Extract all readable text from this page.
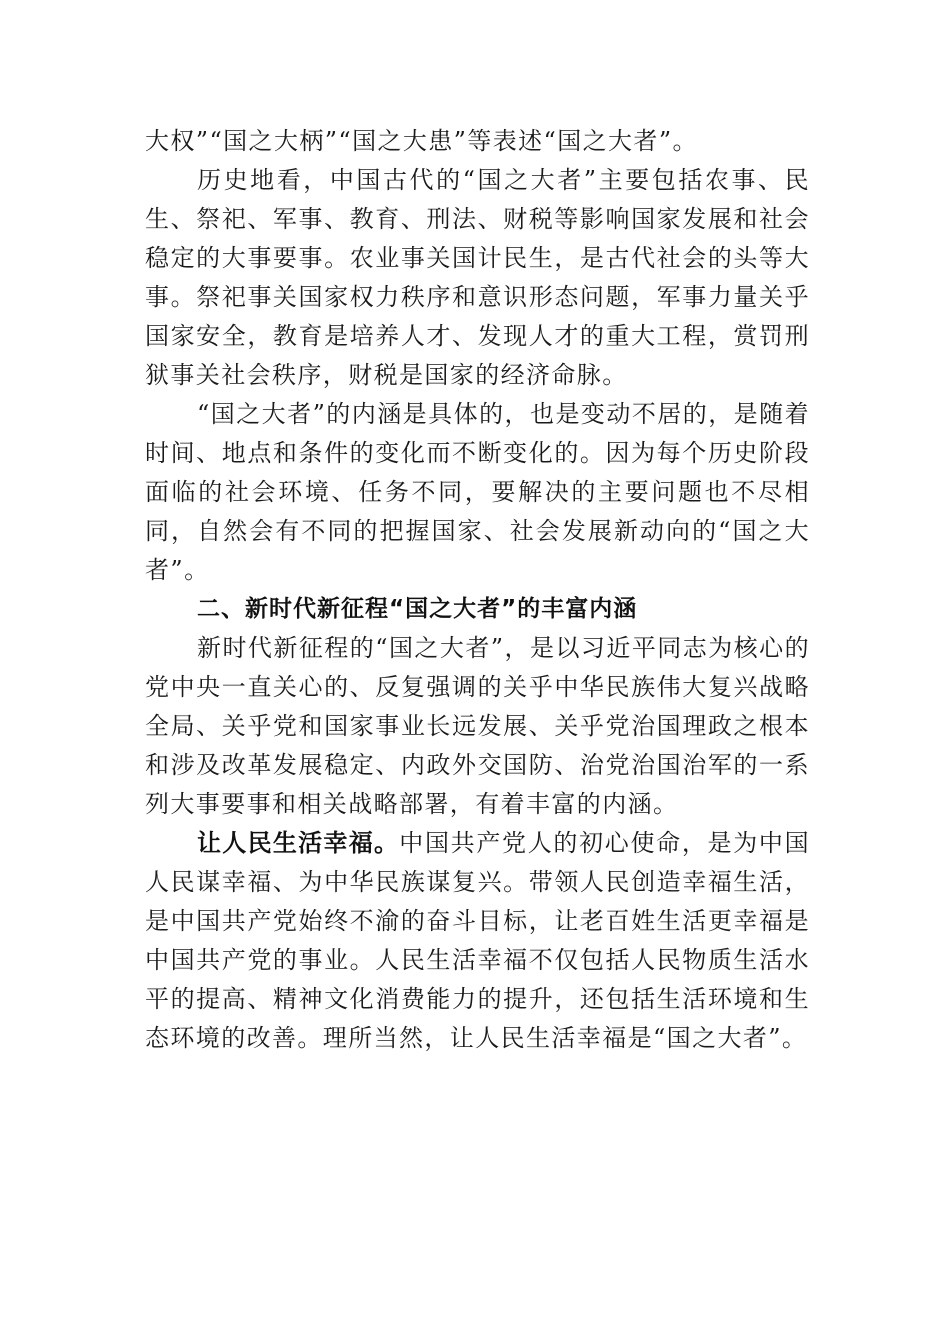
大权”“国之大柄”“国之大患”等表述“国之大者”。

历史地看，中国古代的“国之大者”主要包括农事、民生、祭祀、军事、教育、刑法、财税等影响国家发展和社会稳定的大事要事。农业事关国计民生，是古代社会的头等大事。祭祀事关国家权力秩序和意识形态问题，军事力量关乎国家安全，教育是培养人才、发现人才的重大工程，赏罚刑狱事关社会秩序，财税是国家的经济命脉。

“国之大者”的内涵是具体的，也是变动不居的，是随着时间、地点和条件的变化而不断变化的。因为每个历史阶段面临的社会环境、任务不同，要解决的主要问题也不尽相同，自然会有不同的把握国家、社会发展新动向的“国之大者”。

二、新时代新征程“国之大者”的丰富内涵

新时代新征程的“国之大者”，是以习近平同志为核心的党中央一直关心的、反复强调的关乎中华民族伟大复兴战略全局、关乎党和国家事业长远发展、关乎党治国理政之根本和涉及改革发展稳定、内政外交国防、治党治国治军的一系列大事要事和相关战略部署，有着丰富的内涵。

让人民生活幸福。中国共产党人的初心使命，是为中国人民谋幸福、为中华民族谋复兴。带领人民创造幸福生活， 是中国共产党始终不渝的奋斗目标，让老百姓生活更幸福是中国共产党的事业。人民生活幸福不仅包括人民物质生活水平的提高、精神文化消费能力的提升，还包括生活环境和生态环境的改善。理所当然，让人民生活幸福是“国之大者”。
